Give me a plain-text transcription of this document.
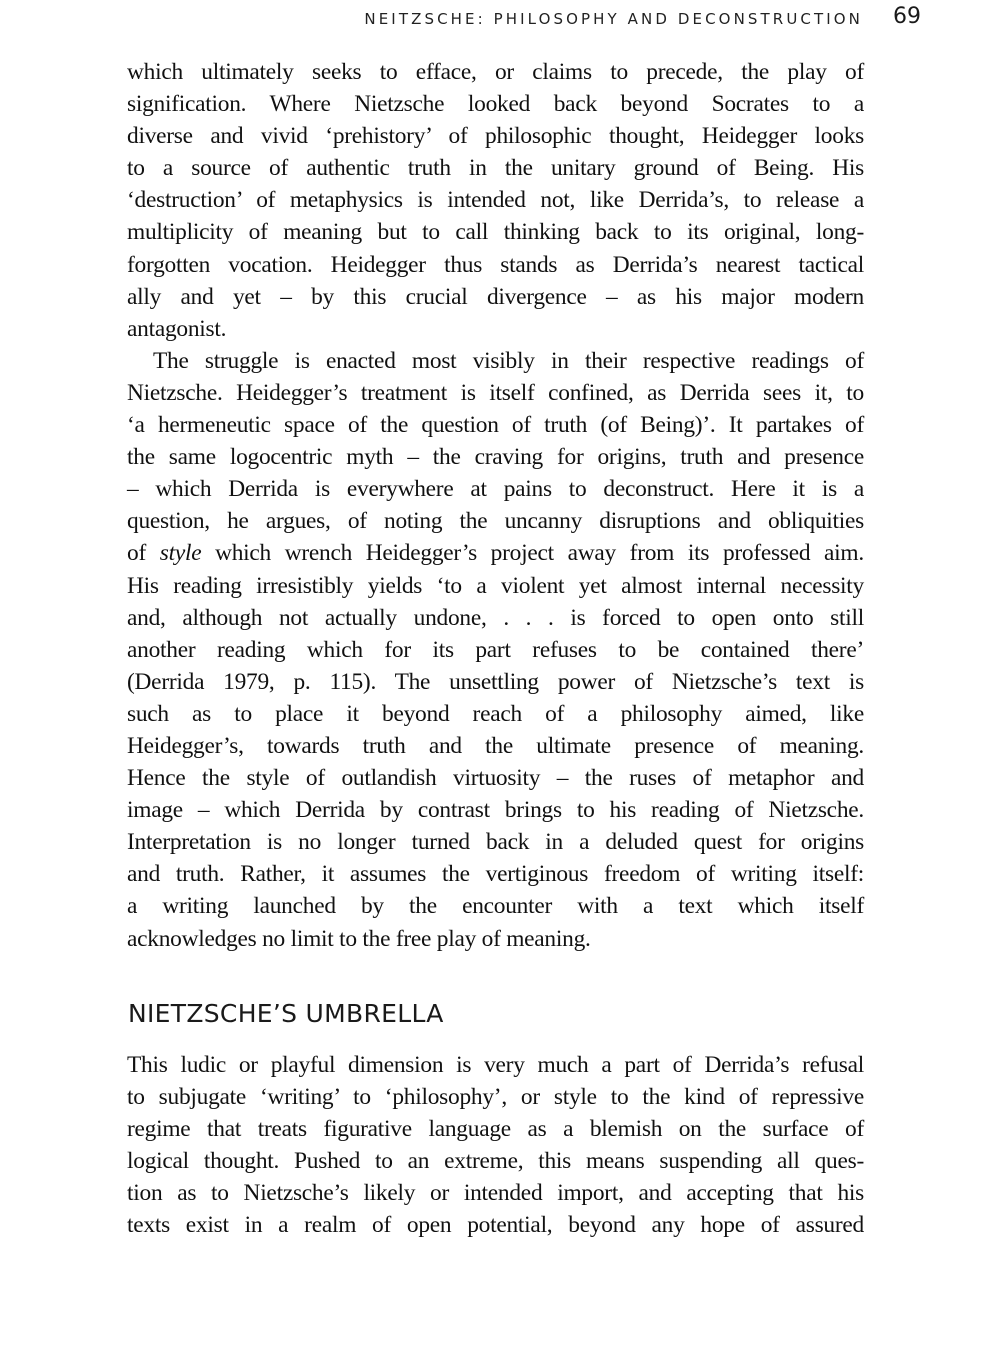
NEITZSCHE: PHILOSOPHY AND DECONSTRUCTION 69

which ultimately seeks to efface, or claims to precede, the play of
signification. Where Nietzsche looked back beyond Socrates to a
diverse and vivid ‘prehistory’ of philosophic thought, Heidegger looks
to a source of authentic truth in the unitary ground of Being. His
‘destruction’ of metaphysics is intended not, like Derrida’s, to release a
multiplicity of meaning but to call thinking back to its original, long-
forgotten vocation. Heidegger thus stands as Derrida’s nearest tactical
ally and yet – by this crucial divergence – as his major modern
antagonist.

The struggle is enacted most visibly in their respective readings of
Nietzsche. Heidegger’s treatment is itself confined, as Derrida sees it, to
‘a hermeneutic space of the question of truth (of Being)’. It partakes of
the same logocentric myth – the craving for origins, truth and presence
– which Derrida is everywhere at pains to deconstruct. Here it is a
question, he argues, of noting the uncanny disruptions and obliquities
of style which wrench Heidegger’s project away from its professed aim.
His reading irresistibly yields ‘to a violent yet almost internal necessity
and, although not actually undone, . . . is forced to open onto still
another reading which for its part refuses to be contained there’
(Derrida 1979, p. 115). The unsettling power of Nietzsche’s text is
such as to place it beyond reach of a philosophy aimed, like
Heidegger’s, towards truth and the ultimate presence of meaning.
Hence the style of outlandish virtuosity – the ruses of metaphor and
image – which Derrida by contrast brings to his reading of Nietzsche.
Interpretation is no longer turned back in a deluded quest for origins
and truth. Rather, it assumes the vertiginous freedom of writing itself:
a writing launched by the encounter with a text which itself
acknowledges no limit to the free play of meaning.

NIETZSCHE’S UMBRELLA

This ludic or playful dimension is very much a part of Derrida’s refusal
to subjugate ‘writing’ to ‘philosophy’, or style to the kind of repressive
regime that treats figurative language as a blemish on the surface of
logical thought. Pushed to an extreme, this means suspending all ques-
tion as to Nietzsche’s likely or intended import, and accepting that his
texts exist in a realm of open potential, beyond any hope of assured
